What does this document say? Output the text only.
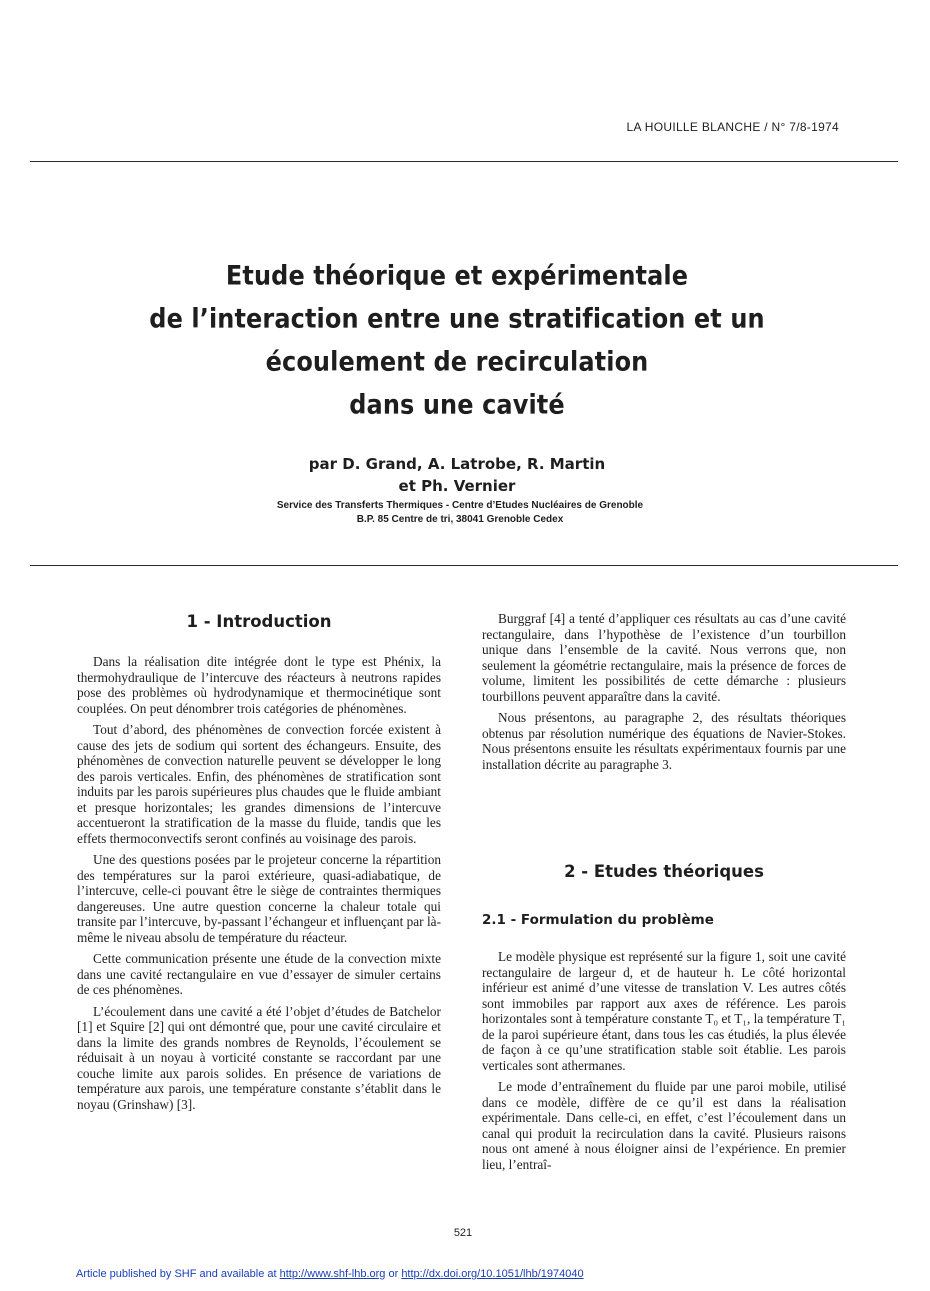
LA HOUILLE BLANCHE / N° 7/8-1974
Etude théorique et expérimentale
de l’interaction entre une stratification et un
écoulement de recirculation
dans une cavité
par D. Grand, A. Latrobe, R. Martin
et Ph. Vernier
Service des Transferts Thermiques - Centre d’Etudes Nucléaires de Grenoble
B.P. 85 Centre de tri, 38041 Grenoble Cedex
1 - Introduction

Dans la réalisation dite intégrée dont le type est Phénix, la thermohydraulique de l’intercuve des réacteurs à neutrons rapides pose des problèmes où hydrodynamique et thermocinétique sont couplées. On peut dénombrer trois catégories de phénomènes.

Tout d’abord, des phénomènes de convection forcée existent à cause des jets de sodium qui sortent des échangeurs. Ensuite, des phénomènes de convection naturelle peuvent se développer le long des parois verticales. Enfin, des phénomènes de stratification sont induits par les parois supérieures plus chaudes que le fluide ambiant et presque horizontales; les grandes dimensions de l’intercuve accentueront la stratification de la masse du fluide, tandis que les effets thermoconvectifs seront confinés au voisinage des parois.

Une des questions posées par le projeteur concerne la répartition des températures sur la paroi extérieure, quasi-adiabatique, de l’intercuve, celle-ci pouvant être le siège de contraintes thermiques dangereuses. Une autre question concerne la chaleur totale qui transite par l’intercuve, by-passant l’échangeur et influençant par là-même le niveau absolu de température du réacteur.

Cette communication présente une étude de la convection mixte dans une cavité rectangulaire en vue d’essayer de simuler certains de ces phénomènes.

L’écoulement dans une cavité a été l’objet d’études de Batchelor [1] et Squire [2] qui ont démontré que, pour une cavité circulaire et dans la limite des grands nombres de Reynolds, l’écoulement se réduisait à un noyau à vorticité constante se raccordant par une couche limite aux parois solides. En présence de variations de température aux parois, une température constante s’établit dans le noyau (Grinshaw) [3].

Burggraf [4] a tenté d’appliquer ces résultats au cas d’une cavité rectangulaire, dans l’hypothèse de l’existence d’un tourbillon unique dans l’ensemble de la cavité. Nous verrons que, non seulement la géométrie rectangulaire, mais la présence de forces de volume, limitent les possibilités de cette démarche : plusieurs tourbillons peuvent apparaître dans la cavité.

Nous présentons, au paragraphe 2, des résultats théoriques obtenus par résolution numérique des équations de Navier-Stokes. Nous présentons ensuite les résultats expérimentaux fournis par une installation décrite au paragraphe 3.

2 - Etudes théoriques
2.1 - Formulation du problème

Le modèle physique est représenté sur la figure 1, soit une cavité rectangulaire de largeur d, et de hauteur h. Le côté horizontal inférieur est animé d’une vitesse de translation V. Les autres côtés sont immobiles par rapport aux axes de référence. Les parois horizontales sont à température constante T₀ et T₁, la température T₁ de la paroi supérieure étant, dans tous les cas étudiés, la plus élevée de façon à ce qu’une stratification stable soit établie. Les parois verticales sont athermanes.

Le mode d’entraînement du fluide par une paroi mobile, utilisé dans ce modèle, diffère de ce qu’il est dans la réalisation expérimentale. Dans celle-ci, en effet, c’est l’écoulement dans un canal qui produit la recirculation dans la cavité. Plusieurs raisons nous ont amené à nous éloigner ainsi de l’expérience. En premier lieu, l’entraî-

521
Article published by SHF and available at http://www.shf-lhb.org or http://dx.doi.org/10.1051/lhb/1974040
